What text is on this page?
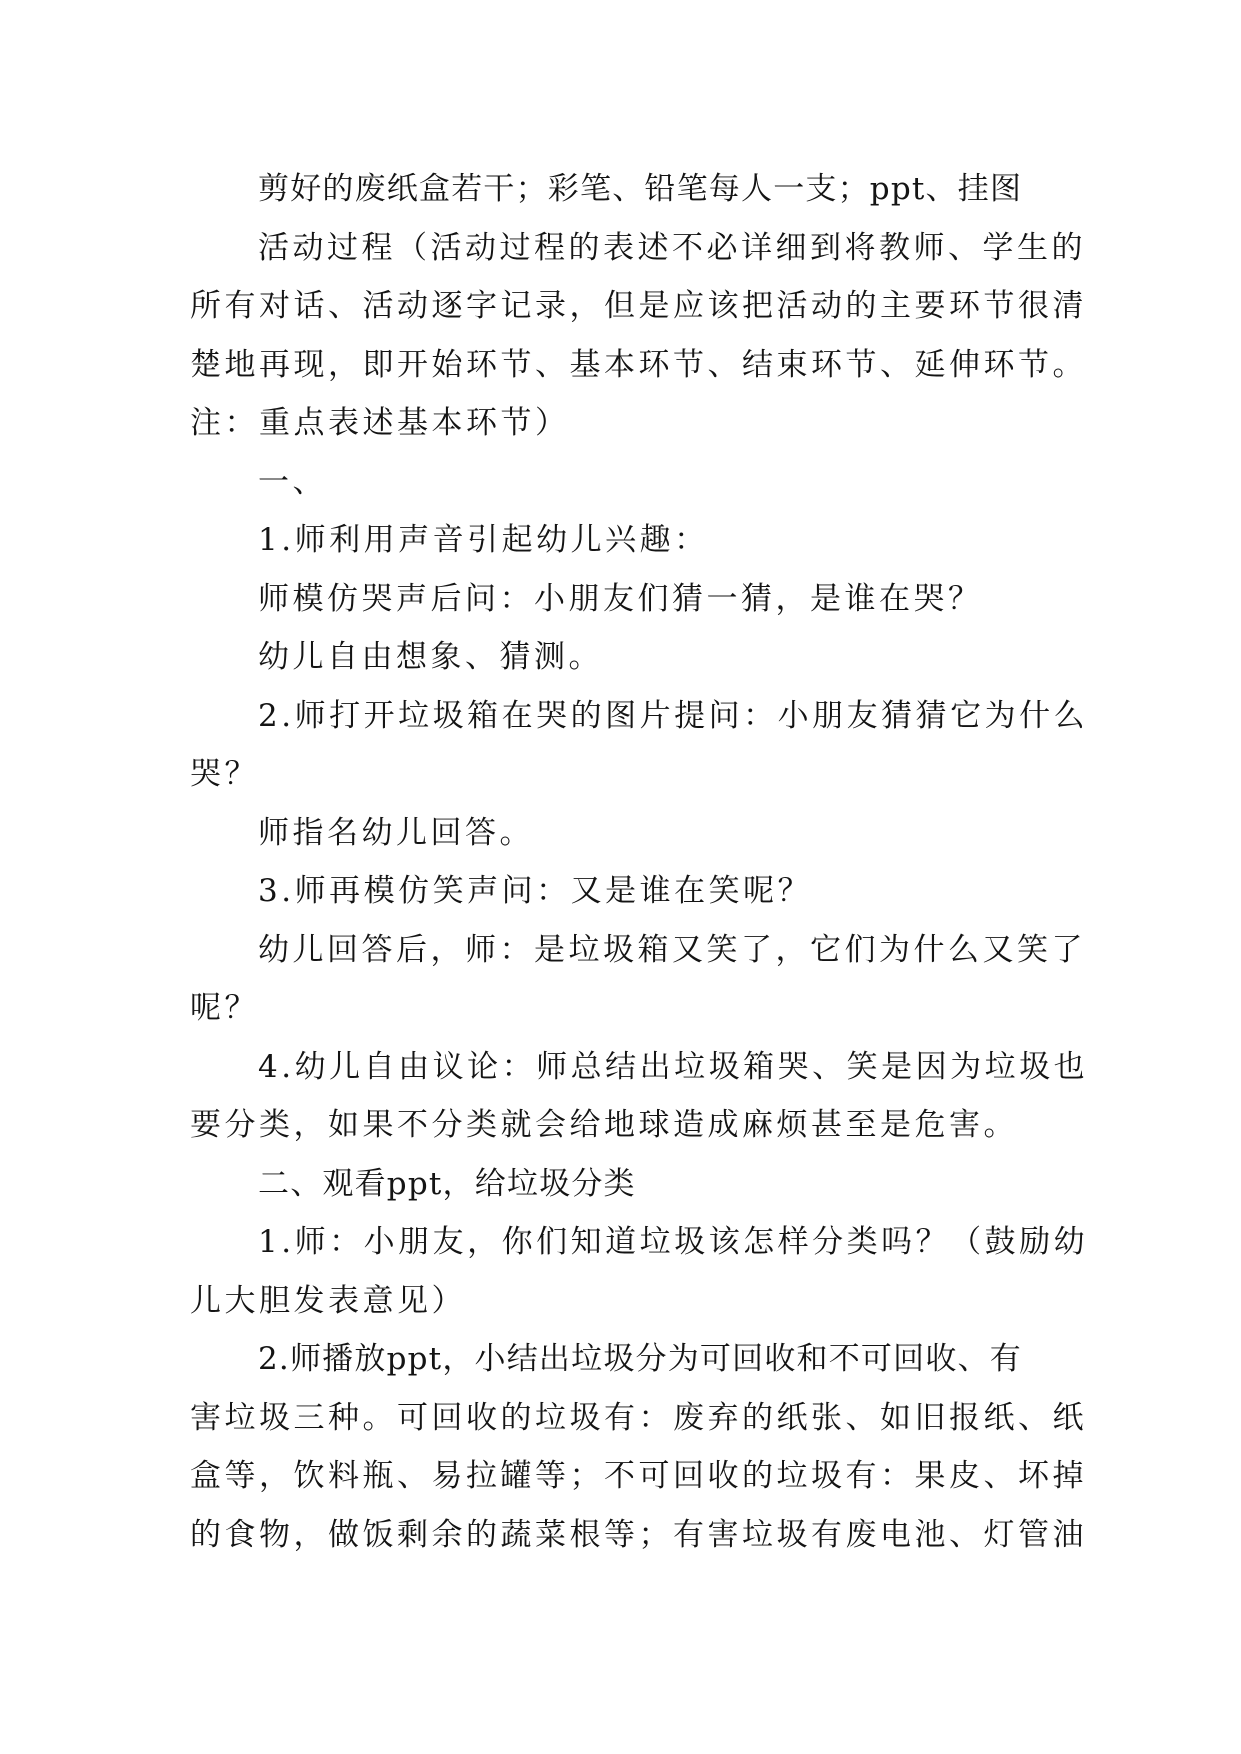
剪好的废纸盒若干；彩笔、铅笔每人一支；ppt、挂图
活动过程（活动过程的表述不必详细到将教师、学生的
所有对话、活动逐字记录，但是应该把活动的主要环节很清
楚地再现，即开始环节、基本环节、结束环节、延伸环节。
注：重点表述基本环节）
一、
1.师利用声音引起幼儿兴趣：
师模仿哭声后问：小朋友们猜一猜，是谁在哭？
幼儿自由想象、猜测。
2.师打开垃圾箱在哭的图片提问：小朋友猜猜它为什么
哭？
师指名幼儿回答。
3.师再模仿笑声问：又是谁在笑呢？
幼儿回答后，师：是垃圾箱又笑了，它们为什么又笑了
呢？
4.幼儿自由议论：师总结出垃圾箱哭、笑是因为垃圾也
要分类，如果不分类就会给地球造成麻烦甚至是危害。
二、观看ppt，给垃圾分类
1.师：小朋友，你们知道垃圾该怎样分类吗？（鼓励幼
儿大胆发表意见）
2.师播放ppt，小结出垃圾分为可回收和不可回收、有
害垃圾三种。可回收的垃圾有：废弃的纸张、如旧报纸、纸
盒等，饮料瓶、易拉罐等；不可回收的垃圾有：果皮、坏掉
的食物，做饭剩余的蔬菜根等；有害垃圾有废电池、灯管油
